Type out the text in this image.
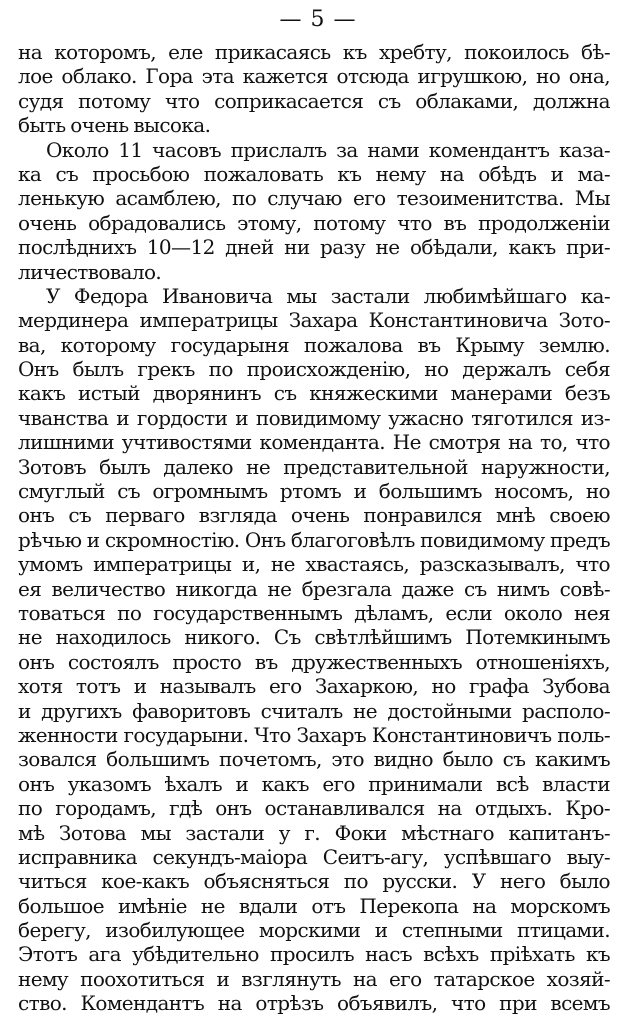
— 5 —
на которомъ, еле прикасаясь къ хребту, покоилось бѣ-
лое облако. Гора эта кажется отсюда игрушкою, но она,
судя потому что соприкасается съ облаками, должна
быть очень высока.
Около 11 часовъ прислалъ за нами комендантъ каза-
ка съ просьбою пожаловать къ нему на обѣдъ и ма-
ленькую асамблею, по случаю его тезоименитства. Мы
очень обрадовались этому, потому что въ продолженіи
послѣднихъ 10—12 дней ни разу не обѣдали, какъ при-
личествовало.
У Федора Ивановича мы застали любимѣйшаго ка-
мердинера императрицы Захара Константиновича Зото-
ва, которому государыня пожалова въ Крыму землю.
Онъ былъ грекъ по происхожденію, но держалъ себя
какъ истый дворянинъ съ княжескими манерами безъ
чванства и гордости и повидимому ужасно тяготился из-
лишними учтивостями коменданта. Не смотря на то, что
Зотовъ былъ далеко не представительной наружности,
смуглый съ огромнымъ ртомъ и большимъ носомъ, но
онъ съ перваго взгляда очень понравился мнѣ своею
рѣчью и скромностію. Онъ благоговѣлъ повидимому предъ
умомъ императрицы и, не хвастаясь, разсказывалъ, что
ея величество никогда не брезгала даже съ нимъ совѣ-
товаться по государственнымъ дѣламъ, если около нея
не находилось никого. Съ свѣтлѣйшимъ Потемкинымъ
онъ состоялъ просто въ дружественныхъ отношеніяхъ,
хотя тотъ и называлъ его Захаркою, но графа Зубова
и другихъ фаворитовъ считалъ не достойными располо-
женности государыни. Что Захаръ Константиновичъ поль-
зовался большимъ почетомъ, это видно было съ какимъ
онъ указомъ ѣхалъ и какъ его принимали всѣ власти
по городамъ, гдѣ онъ останавливался на отдыхъ. Кро-
мѣ Зотова мы застали у г. Фоки мѣстнаго капитанъ-
исправника секундъ-маіора Сеитъ-агу, успѣвшаго выу-
читься кое-какъ объясняться по русски. У него было
большое имѣніе не вдали отъ Перекопа на морскомъ
берегу, изобилующее морскими и степными птицами.
Этотъ ага убѣдительно просилъ насъ всѣхъ пріѣхать къ
нему поохотиться и взглянуть на его татарское хозяй-
ство. Комендантъ на отрѣзъ объявилъ, что при всемъ
